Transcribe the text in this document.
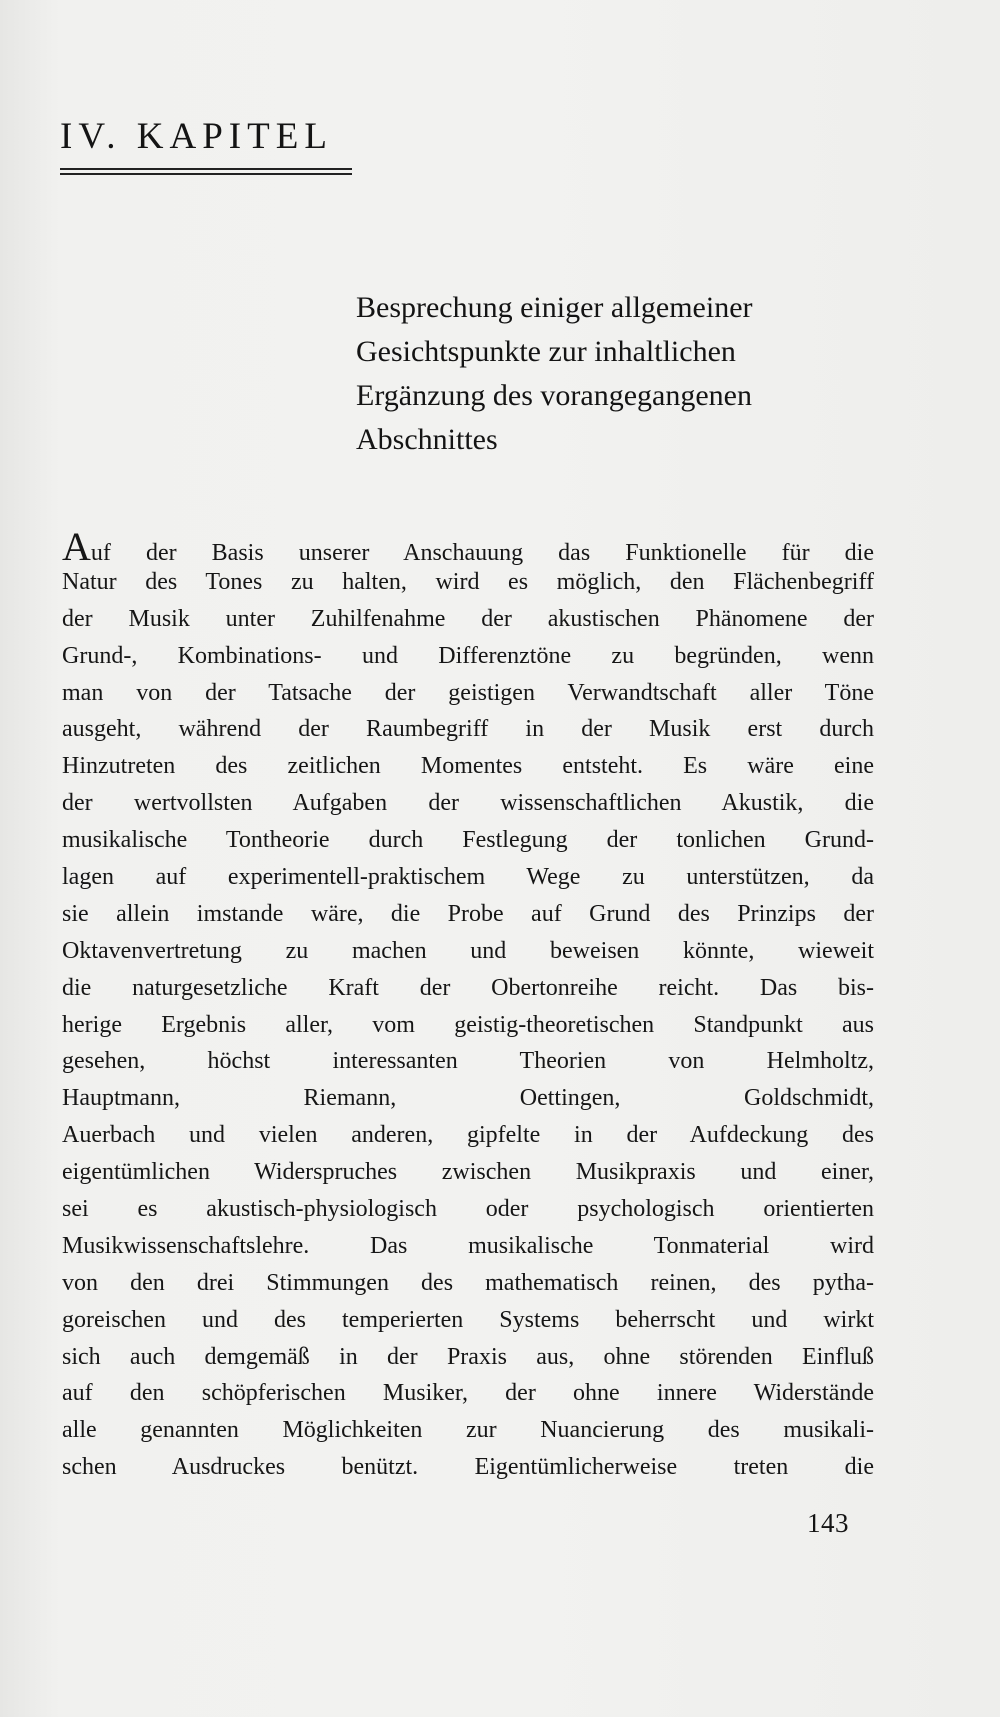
IV. KAPITEL
Besprechung einiger allgemeiner
Gesichtspunkte zur inhaltlichen
Ergänzung des vorangegangenen
Abschnittes
Auf der Basis unserer Anschauung das Funktionelle für die
Natur des Tones zu halten, wird es möglich, den Flächenbegriff
der Musik unter Zuhilfenahme der akustischen Phänomene der
Grund-, Kombinations- und Differenztöne zu begründen, wenn
man von der Tatsache der geistigen Verwandtschaft aller Töne
ausgeht, während der Raumbegriff in der Musik erst durch
Hinzutreten des zeitlichen Momentes entsteht. Es wäre eine
der wertvollsten Aufgaben der wissenschaftlichen Akustik, die
musikalische Tontheorie durch Festlegung der tonlichen Grund-
lagen auf experimentell-praktischem Wege zu unterstützen, da
sie allein imstande wäre, die Probe auf Grund des Prinzips der
Oktavenvertretung zu machen und beweisen könnte, wieweit
die naturgesetzliche Kraft der Obertonreihe reicht. Das bis-
herige Ergebnis aller, vom geistig-theoretischen Standpunkt aus
gesehen, höchst interessanten Theorien von Helmholtz,
Hauptmann, Riemann, Oettingen, Goldschmidt,
Auerbach und vielen anderen, gipfelte in der Aufdeckung des
eigentümlichen Widerspruches zwischen Musikpraxis und einer,
sei es akustisch-physiologisch oder psychologisch orientierten
Musikwissenschaftslehre. Das musikalische Tonmaterial wird
von den drei Stimmungen des mathematisch reinen, des pytha-
goreischen und des temperierten Systems beherrscht und wirkt
sich auch demgemäß in der Praxis aus, ohne störenden Einfluß
auf den schöpferischen Musiker, der ohne innere Widerstände
alle genannten Möglichkeiten zur Nuancierung des musikali-
schen Ausdruckes benützt. Eigentümlicherweise treten die
143
